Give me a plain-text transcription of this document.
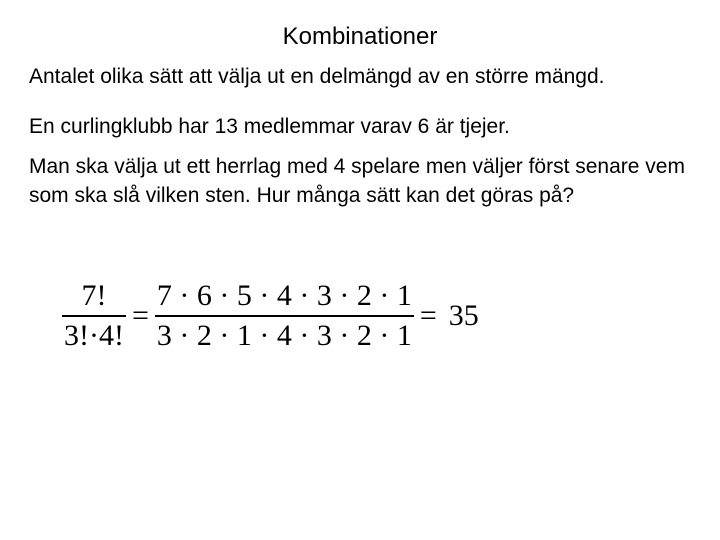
Kombinationer
Antalet olika sätt att välja ut en delmängd av en större mängd.
En curlingklubb har 13 medlemmar varav 6 är tjejer.
Man ska välja ut ett herrlag med 4 spelare men väljer först senare vem som ska slå vilken sten. Hur många sätt kan det göras på?
$\frac{7!}{3!\cdot 4!} = \frac{7 \cdot 6 \cdot 5 \cdot 4 \cdot 3 \cdot 2 \cdot 1}{3 \cdot 2 \cdot 1 \cdot 4 \cdot 3 \cdot 2 \cdot 1} = 35$
